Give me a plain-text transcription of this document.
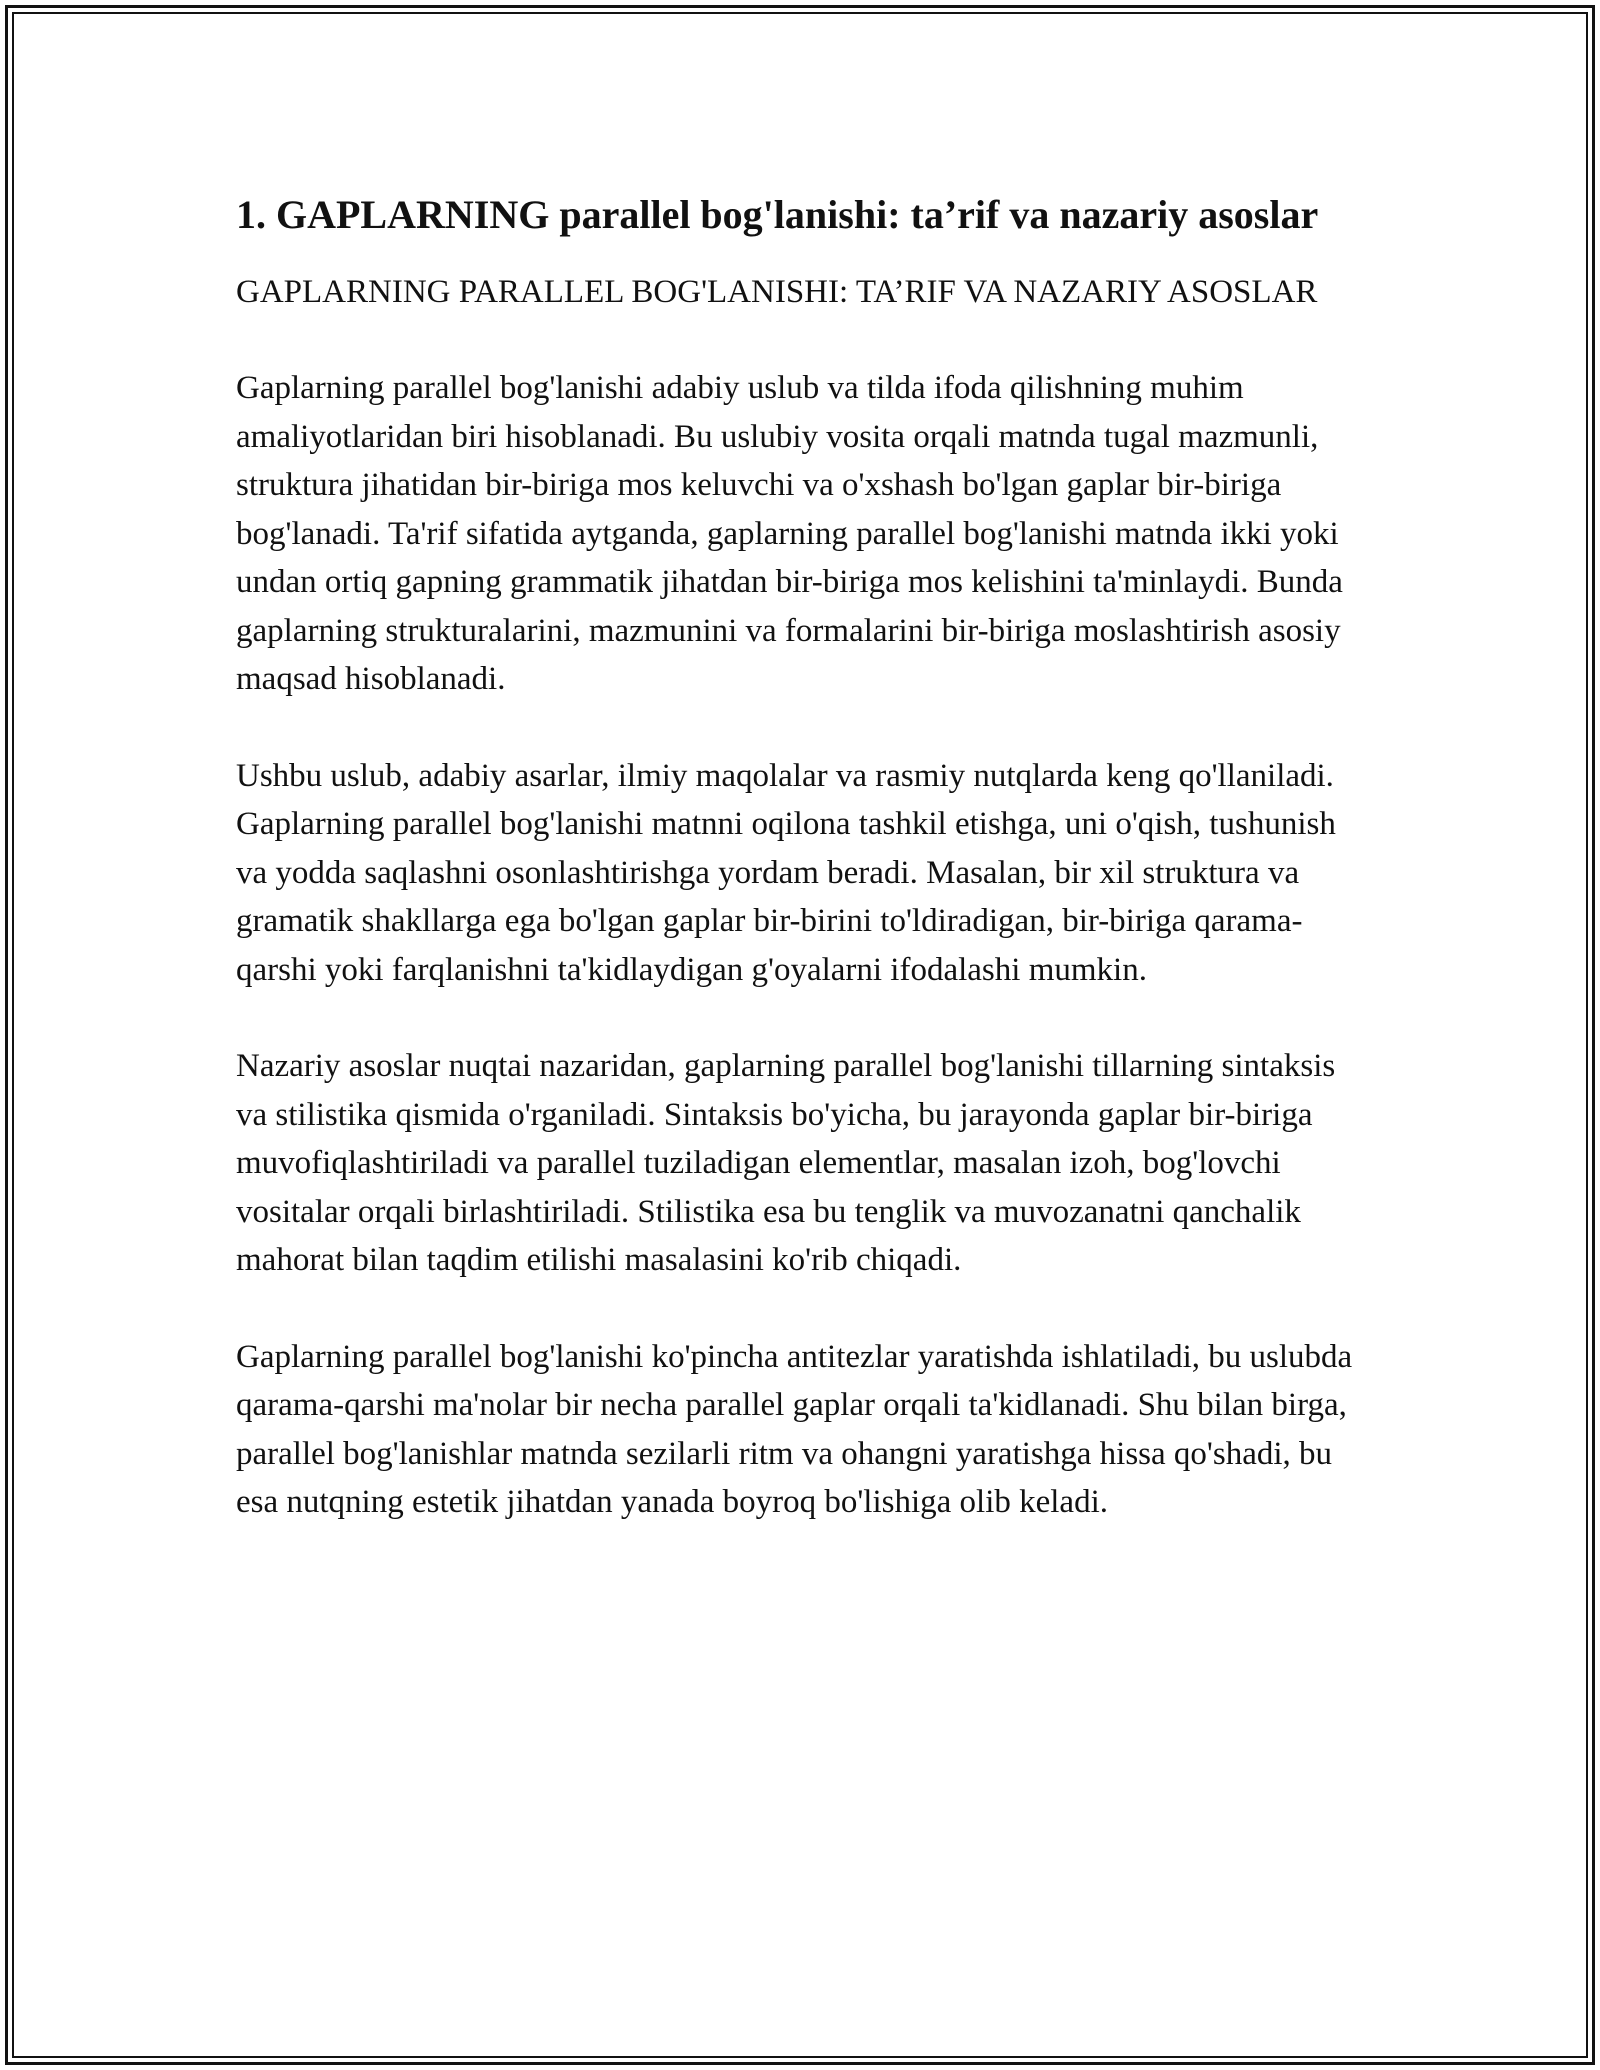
1. GAPLARNING parallel bog'lanishi: ta’rif va nazariy asoslar

GAPLARNING PARALLEL BOG'LANISHI: TA’RIF VA NAZARIY ASOSLAR

Gaplarning parallel bog'lanishi adabiy uslub va tilda ifoda qilishning muhim amaliyotlaridan biri hisoblanadi. Bu uslubiy vosita orqali matnda tugal mazmunli, struktura jihatidan bir-biriga mos keluvchi va o'xshash bo'lgan gaplar bir-biriga bog'lanadi. Ta'rif sifatida aytganda, gaplarning parallel bog'lanishi matnda ikki yoki undan ortiq gapning grammatik jihatdan bir-biriga mos kelishini ta'minlaydi. Bunda gaplarning strukturalarini, mazmunini va formalarini bir-biriga moslashtirish asosiy maqsad hisoblanadi.

Ushbu uslub, adabiy asarlar, ilmiy maqolalar va rasmiy nutqlarda keng qo'llaniladi. Gaplarning parallel bog'lanishi matnni oqilona tashkil etishga, uni o'qish, tushunish va yodda saqlashni osonlashtirishga yordam beradi. Masalan, bir xil struktura va gramatik shakllarga ega bo'lgan gaplar bir-birini to'ldiradigan, bir-biriga qarama-qarshi yoki farqlanishni ta'kidlaydigan g'oyalarni ifodalashi mumkin.

Nazariy asoslar nuqtai nazaridan, gaplarning parallel bog'lanishi tillarning sintaksis va stilistika qismida o'rganiladi. Sintaksis bo'yicha, bu jarayonda gaplar bir-biriga muvofiqlashtiriladi va parallel tuziladigan elementlar, masalan izoh, bog'lovchi vositalar orqali birlashtiriladi. Stilistika esa bu tenglik va muvozanatni qanchalik mahorat bilan taqdim etilishi masalasini ko'rib chiqadi.

Gaplarning parallel bog'lanishi ko'pincha antitezlar yaratishda ishlatiladi, bu uslubda qarama-qarshi ma'nolar bir necha parallel gaplar orqali ta'kidlanadi. Shu bilan birga, parallel bog'lanishlar matnda sezilarli ritm va ohangni yaratishga hissa qo'shadi, bu esa nutqning estetik jihatdan yanada boyroq bo'lishiga olib keladi.
